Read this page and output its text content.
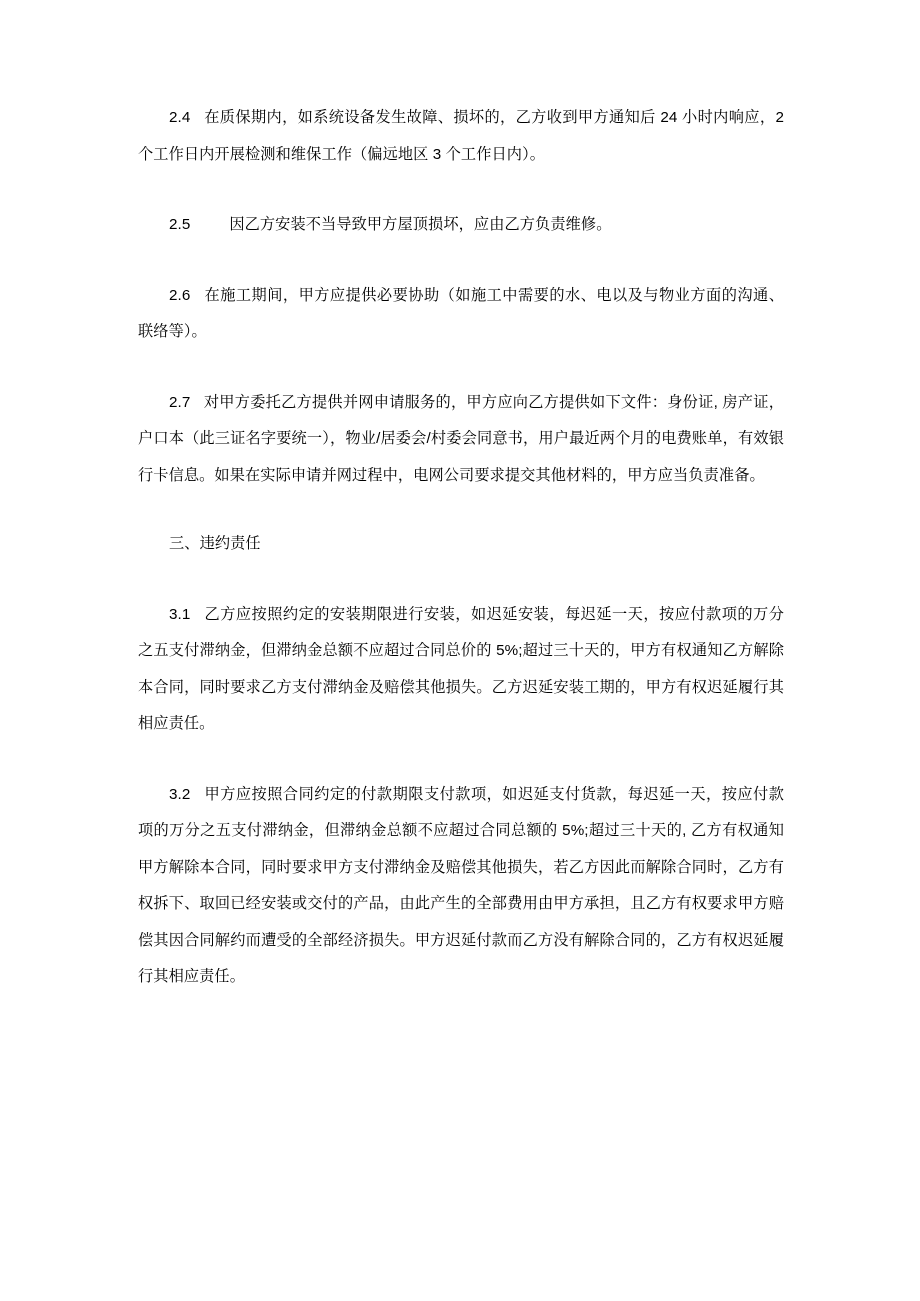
2.4 在质保期内，如系统设备发生故障、损坏的，乙方收到甲方通知后 24 小时内响应，2 个工作日内开展检测和维保工作（偏远地区 3 个工作日内）。

2.5	因乙方安装不当导致甲方屋顶损坏，应由乙方负责维修。

2.6 在施工期间，甲方应提供必要协助（如施工中需要的水、电以及与物业方面的沟通、联络等）。

2.7 对甲方委托乙方提供并网申请服务的，甲方应向乙方提供如下文件：身份证, 房产证，户口本（此三证名字要统一），物业/居委会/村委会同意书，用户最近两个月的电费账单，有效银行卡信息。如果在实际申请并网过程中，电网公司要求提交其他材料的，甲方应当负责准备。

三、违约责任

3.1 乙方应按照约定的安装期限进行安装，如迟延安装，每迟延一天，按应付款项的万分之五支付滞纳金，但滞纳金总额不应超过合同总价的 5%;超过三十天的，甲方有权通知乙方解除本合同，同时要求乙方支付滞纳金及赔偿其他损失。乙方迟延安装工期的，甲方有权迟延履行其相应责任。

3.2 甲方应按照合同约定的付款期限支付款项，如迟延支付货款，每迟延一天，按应付款项的万分之五支付滞纳金，但滞纳金总额不应超过合同总额的 5%;超过三十天的, 乙方有权通知甲方解除本合同，同时要求甲方支付滞纳金及赔偿其他损失，若乙方因此而解除合同时，乙方有权拆下、取回已经安装或交付的产品，由此产生的全部费用由甲方承担，且乙方有权要求甲方赔偿其因合同解约而遭受的全部经济损失。甲方迟延付款而乙方没有解除合同的，乙方有权迟延履行其相应责任。
